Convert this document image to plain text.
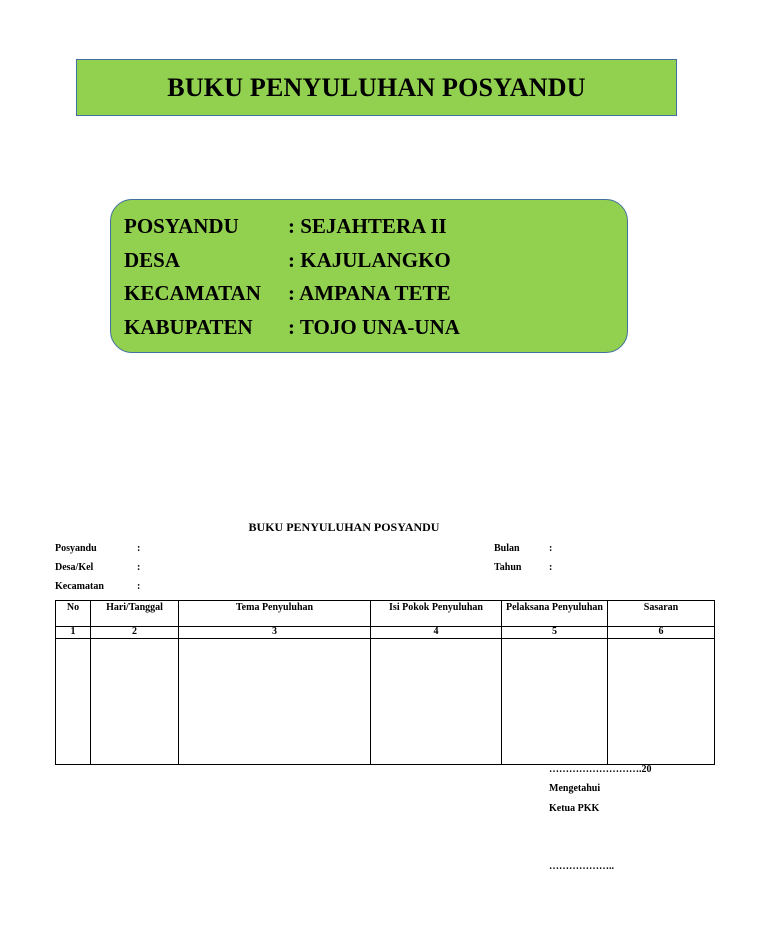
BUKU PENYULUHAN POSYANDU
POSYANDU	: SEJAHTERA II
DESA	: KAJULANGKO
KECAMATAN	: AMPANA TETE
KABUPATEN	: TOJO UNA-UNA
BUKU PENYULUHAN POSYANDU
Posyandu	:
Desa/Kel	:
Kecamatan	:
Bulan	:
Tahun	:
No	Hari/Tanggal	Tema Penyuluhan	Isi Pokok Penyuluhan	Pelaksana Penyuluhan	Sasaran
1	2	3	4	5	6

……………………….20
Mengetahui
Ketua PKK
………………..
